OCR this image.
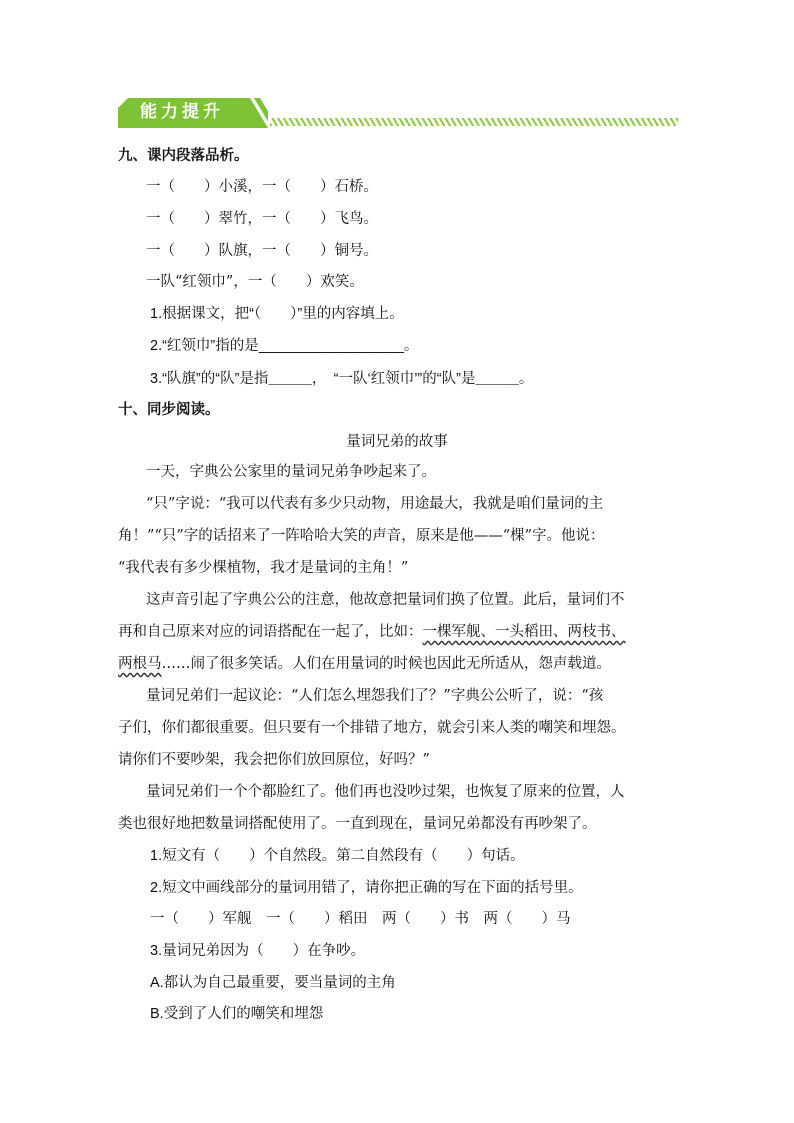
能力提升
九、课内段落品析。
一（　　）小溪，一（　　）石桥。
一（　　）翠竹，一（　　）飞鸟。
一（　　）队旗，一（　　）铜号。
一队“红领巾”，一（　　）欢笑。
1.根据课文，把“（　　）”里的内容填上。
2.“红领巾”指的是__________________。
3.“队旗”的“队”是指＿＿＿，　“一队‘红领巾’”的“队”是＿＿＿。
十、同步阅读。
量词兄弟的故事
一天，字典公公家里的量词兄弟争吵起来了。
“只”字说：“我可以代表有多少只动物，用途最大，我就是咱们量词的主
角！”“只”字的话招来了一阵哈哈大笑的声音，原来是他——“棵”字。他说：
“我代表有多少棵植物，我才是量词的主角！”
这声音引起了字典公公的注意，他故意把量词们换了位置。此后，量词们不
再和自己原来对应的词语搭配在一起了，比如：一棵军舰、一头稻田、两枝书、
两根马……闹了很多笑话。人们在用量词的时候也因此无所适从，怨声载道。
量词兄弟们一起议论：“人们怎么埋怨我们了？”字典公公听了，说：“孩
子们，你们都很重要。但只要有一个排错了地方，就会引来人类的嘲笑和埋怨。
请你们不要吵架，我会把你们放回原位，好吗？”
量词兄弟们一个个都脸红了。他们再也没吵过架，也恢复了原来的位置，人
类也很好地把数量词搭配使用了。一直到现在，量词兄弟都没有再吵架了。
1.短文有（　　）个自然段。第二自然段有（　　）句话。
2.短文中画线部分的量词用错了，请你把正确的写在下面的括号里。
一（　　）军舰　一（　　）稻田　两（　　）书　两（　　）马
3.量词兄弟因为（　　）在争吵。
A.都认为自己最重要，要当量词的主角
B.受到了人们的嘲笑和埋怨
